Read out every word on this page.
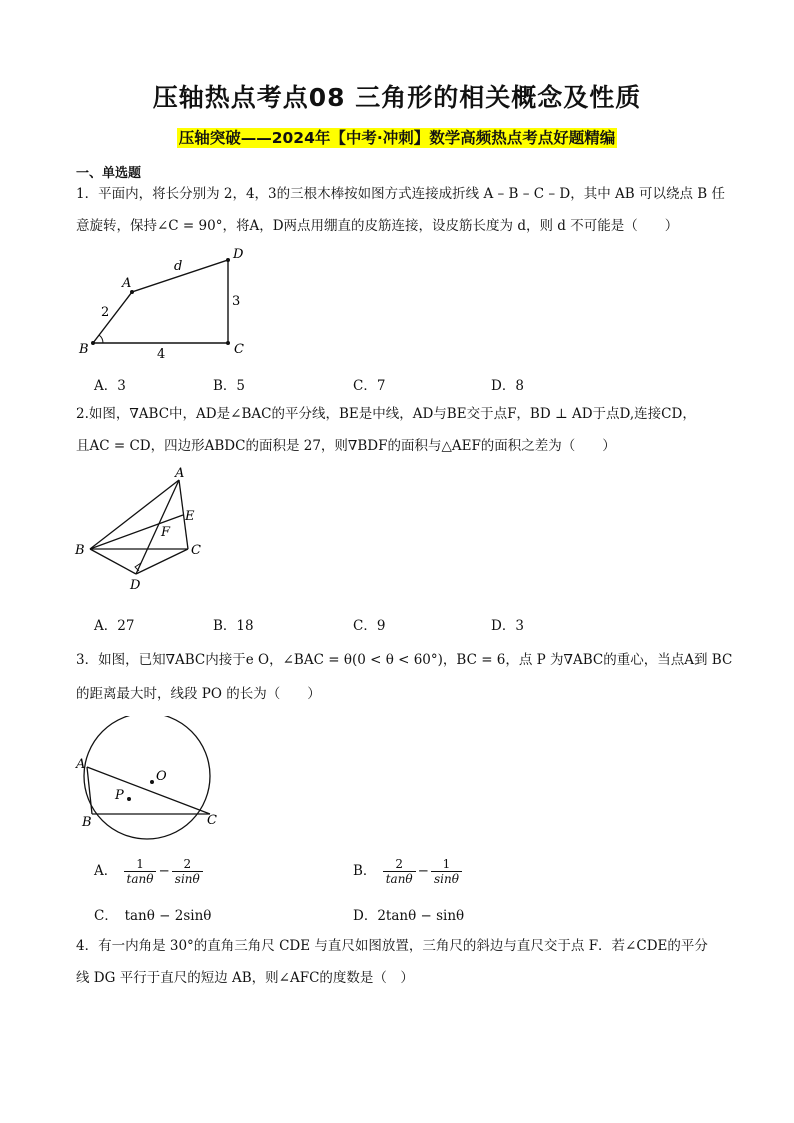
压轴热点考点08 三角形的相关概念及性质
压轴突破——2024年【中考·冲刺】数学高频热点考点好题精编
一、单选题
1．平面内，将长分别为 2，4，3的三根木棒按如图方式连接成折线 A – B – C – D，其中 AB 可以绕点 B 任
意旋转，保持∠C = 90°，将A，D两点用绷直的皮筋连接，设皮筋长度为 d，则 d 不可能是（　　）
A
B	C
D
d
2
4
3
A．3	B．5	C．7	D．8
2.如图，∇ABC中，AD是∠BAC的平分线，BE是中线，AD与BE交于点F，BD ⊥ AD于点D,连接CD，
且AC = CD，四边形ABDC的面积是 27，则∇BDF的面积与△AEF的面积之差为（　　）
A
B	C
D
E
F
A．27	B．18	C．9	D．3
3．如图，已知∇ABC内接于e O，∠BAC = θ(0 < θ < 60°)，BC = 6，点 P 为∇ABC的重心，当点A到 BC
的距离最大时，线段 PO 的长为（　　）
A
B	C
O
P
A． $\frac{1}{\tan\theta} - \frac{2}{\sin\theta}$	B． $\frac{2}{\tan\theta} - \frac{1}{\sin\theta}$
C．　tanθ − 2sinθ	D．2tanθ − sinθ
4．有一内角是 30°的直角三角尺 CDE 与直尺如图放置，三角尺的斜边与直尺交于点 F．若∠CDE的平分
线 DG 平行于直尺的短边 AB，则∠AFC的度数是（　）
